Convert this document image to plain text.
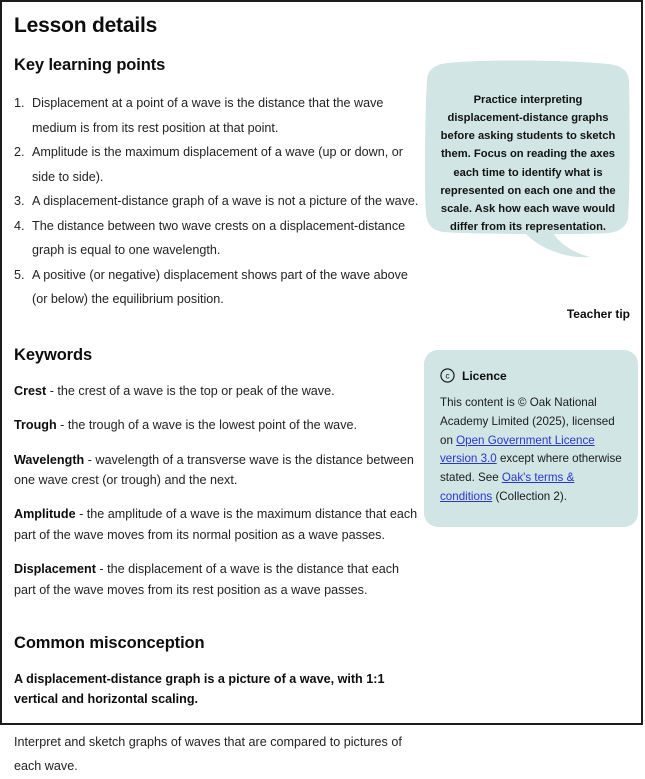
Lesson details
Key learning points
Displacement at a point of a wave is the distance that the wave medium is from its rest position at that point.
Amplitude is the maximum displacement of a wave (up or down, or side to side).
A displacement-distance graph of a wave is not a picture of the wave.
The distance between two wave crests on a displacement-distance graph is equal to one wavelength.
A positive (or negative) displacement shows part of the wave above (or below) the equilibrium position.
Keywords

Crest - the crest of a wave is the top or peak of the wave.

Trough - the trough of a wave is the lowest point of the wave.

Wavelength - wavelength of a transverse wave is the distance between one wave crest (or trough) and the next.

Amplitude - the amplitude of a wave is the maximum distance that each part of the wave moves from its normal position as a wave passes.

Displacement - the displacement of a wave is the distance that each part of the wave moves from its rest position as a wave passes.

Common misconception

A displacement-distance graph is a picture of a wave, with 1:1 vertical and horizontal scaling.

Interpret and sketch graphs of waves that are compared to pictures of each wave.

Practice interpreting displacement-distance graphs before asking students to sketch them. Focus on reading the axes each time to identify what is represented on each one and the scale. Ask how each wave would differ from its representation.
Teacher tip
c Licence
This content is © Oak National Academy Limited (2025), licensed on Open Government Licence version 3.0 except where otherwise stated. See Oak's terms & conditions (Collection 2).
